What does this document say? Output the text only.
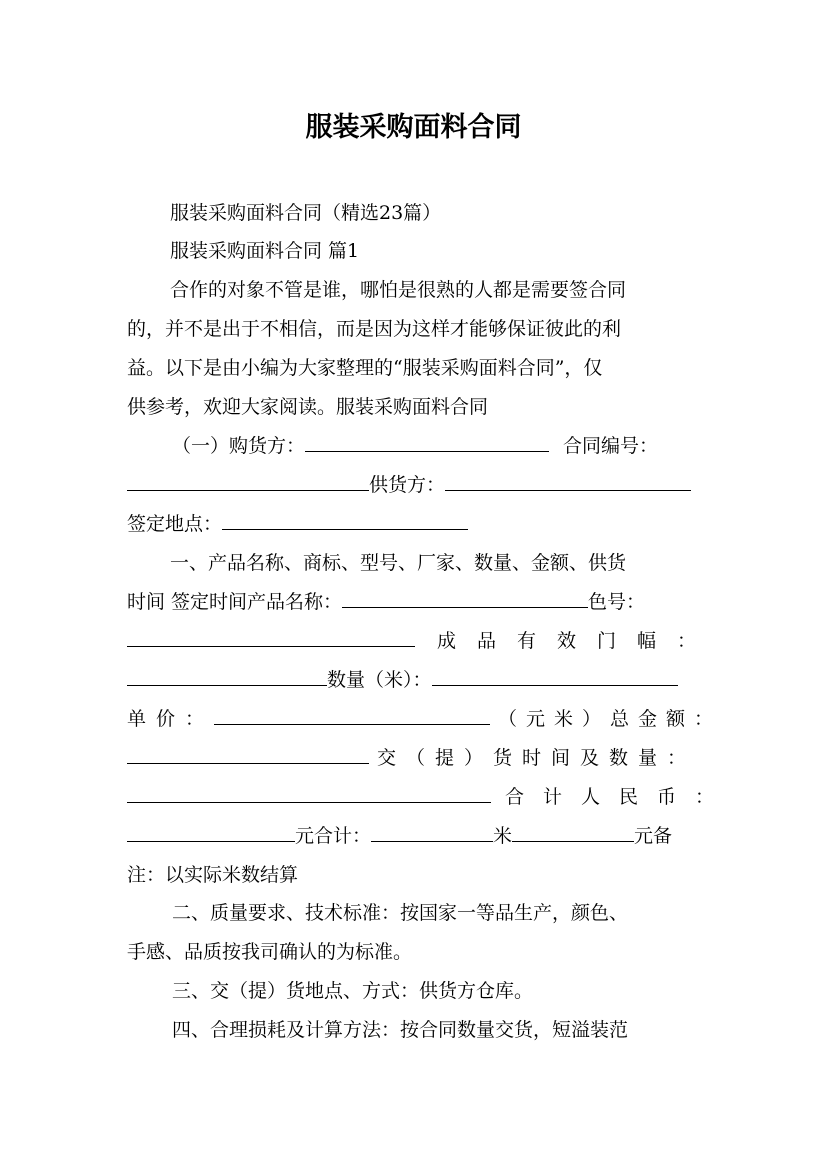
服装采购面料合同
服装采购面料合同（精选23篇）
服装采购面料合同 篇1
合作的对象不管是谁，哪怕是很熟的人都是需要签合同
的，并不是出于不相信，而是因为这样才能够保证彼此的利
益。以下是由小编为大家整理的“服装采购面料合同”，仅
供参考，欢迎大家阅读。服装采购面料合同
（一）购货方：	合同编号：
供货方：
签定地点：
一、产品名称、商标、型号、厂家、数量、金额、供货
时间 签定时间产品名称：	色号：
成品有效门幅：
数量（米）：
单价：	（元米）总金额：
交（提）货时间及数量：
合计人民币：
元合计：	米	元备
注：以实际米数结算
二、质量要求、技术标准：按国家一等品生产，颜色、
手感、品质按我司确认的为标准。
三、交（提）货地点、方式：供货方仓库。
四、合理损耗及计算方法：按合同数量交货，短溢装范
